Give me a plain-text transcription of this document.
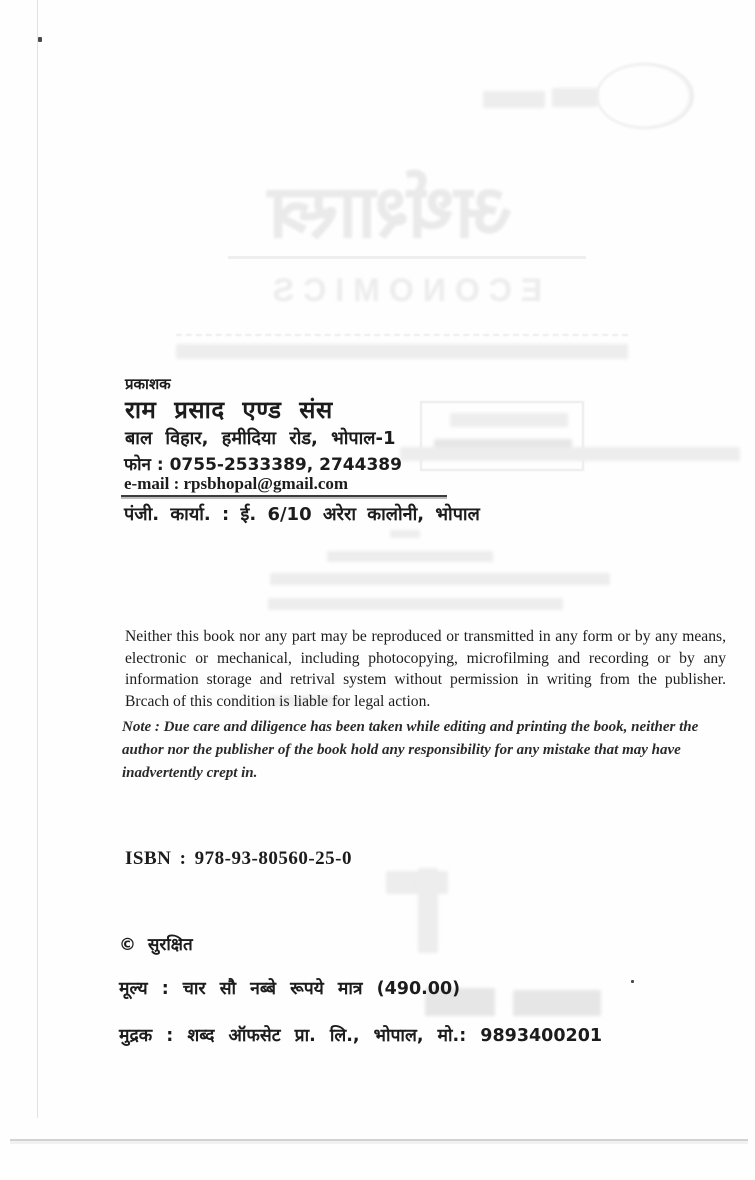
अर्थशास्त्र
ECONOMICS
प्रकाशक
राम प्रसाद एण्ड संस
बाल विहार, हमीदिया रोड, भोपाल-1
फोन : 0755-2533389, 2744389
e-mail : rpsbhopal@gmail.com
पंजी. कार्या. : ई. 6/10 अरेरा कालोनी, भोपाल
Neither this book nor any part may be reproduced or transmitted in any form or by any means, electronic or mechanical, including photocopying, microfilming and recording or by any information storage and retrival system without permission in writing from the publisher. Brcach of this condition is liable for legal action.
Note : Due care and diligence has been taken while editing and printing the book, neither the author nor the publisher of the book hold any responsibility for any mistake that may have inadvertently crept in.
ISBN : 978-93-80560-25-0
© सुरक्षित
मूल्य : चार सौ नब्बे रूपये मात्र (490.00)
मुद्रक : शब्द ऑफसेट प्रा. लि., भोपाल, मो.: 9893400201
